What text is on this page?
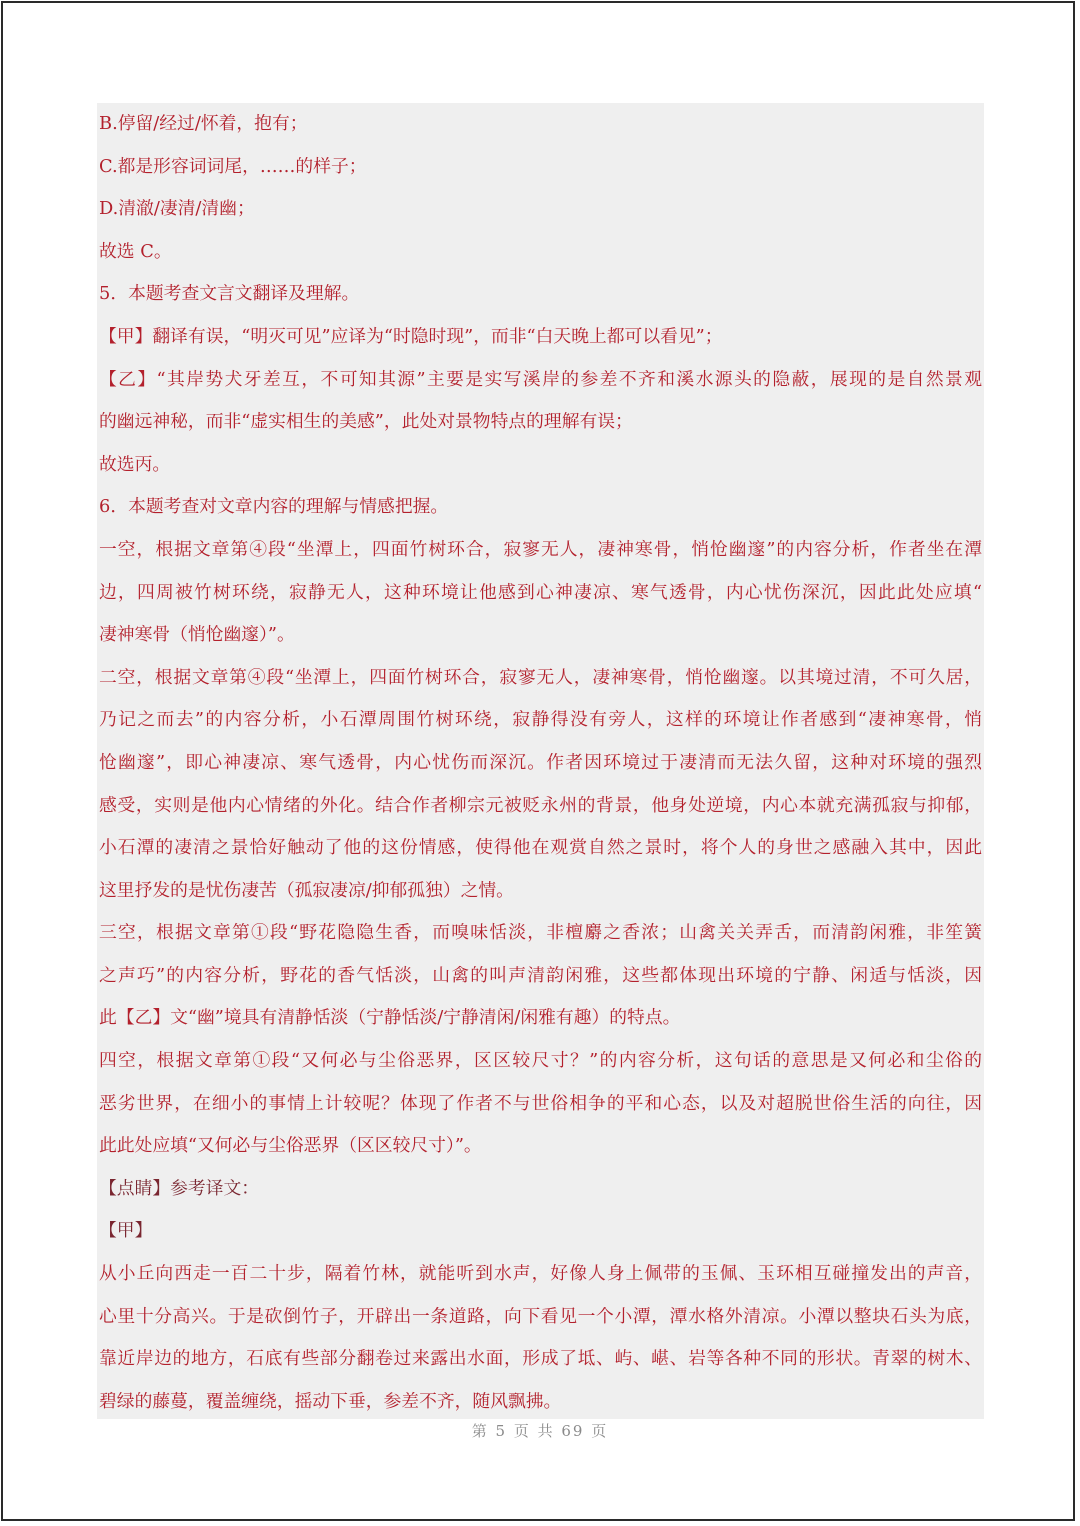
B.停留/经过/怀着，抱有；
C.都是形容词词尾，……的样子；
D.清澈/凄清/清幽；
故选 C。
5．本题考查文言文翻译及理解。
【甲】翻译有误，“明灭可见”应译为“时隐时现”，而非“白天晚上都可以看见”；
【乙】“其岸势犬牙差互，不可知其源”主要是实写溪岸的参差不齐和溪水源头的隐蔽，展现的是自然景观
的幽远神秘，而非“虚实相生的美感”，此处对景物特点的理解有误；
故选丙。
6．本题考查对文章内容的理解与情感把握。
一空，根据文章第④段“坐潭上，四面竹树环合，寂寥无人，凄神寒骨，悄怆幽邃”的内容分析，作者坐在潭
边，四周被竹树环绕，寂静无人，这种环境让他感到心神凄凉、寒气透骨，内心忧伤深沉，因此此处应填“
凄神寒骨（悄怆幽邃）”。
二空，根据文章第④段“坐潭上，四面竹树环合，寂寥无人，凄神寒骨，悄怆幽邃。以其境过清，不可久居，
乃记之而去”的内容分析，小石潭周围竹树环绕，寂静得没有旁人，这样的环境让作者感到“凄神寒骨，悄
怆幽邃”，即心神凄凉、寒气透骨，内心忧伤而深沉。作者因环境过于凄清而无法久留，这种对环境的强烈
感受，实则是他内心情绪的外化。结合作者柳宗元被贬永州的背景，他身处逆境，内心本就充满孤寂与抑郁，
小石潭的凄清之景恰好触动了他的这份情感，使得他在观赏自然之景时，将个人的身世之感融入其中，因此
这里抒发的是忧伤凄苦（孤寂凄凉/抑郁孤独）之情。
三空，根据文章第①段“野花隐隐生香，而嗅味恬淡，非檀麝之香浓；山禽关关弄舌，而清韵闲雅，非笙簧
之声巧”的内容分析，野花的香气恬淡，山禽的叫声清韵闲雅，这些都体现出环境的宁静、闲适与恬淡，因
此【乙】文“幽”境具有清静恬淡（宁静恬淡/宁静清闲/闲雅有趣）的特点。
四空，根据文章第①段“又何必与尘俗恶界，区区较尺寸？”的内容分析，这句话的意思是又何必和尘俗的
恶劣世界，在细小的事情上计较呢？体现了作者不与世俗相争的平和心态，以及对超脱世俗生活的向往，因
此此处应填“又何必与尘俗恶界（区区较尺寸）”。
【点睛】参考译文：
【甲】
从小丘向西走一百二十步，隔着竹林，就能听到水声，好像人身上佩带的玉佩、玉环相互碰撞发出的声音，
心里十分高兴。于是砍倒竹子，开辟出一条道路，向下看见一个小潭，潭水格外清凉。小潭以整块石头为底，
靠近岸边的地方，石底有些部分翻卷过来露出水面，形成了坻、屿、嵁、岩等各种不同的形状。青翠的树木、
碧绿的藤蔓，覆盖缠绕，摇动下垂，参差不齐，随风飘拂。
第 5 页 共 69 页
